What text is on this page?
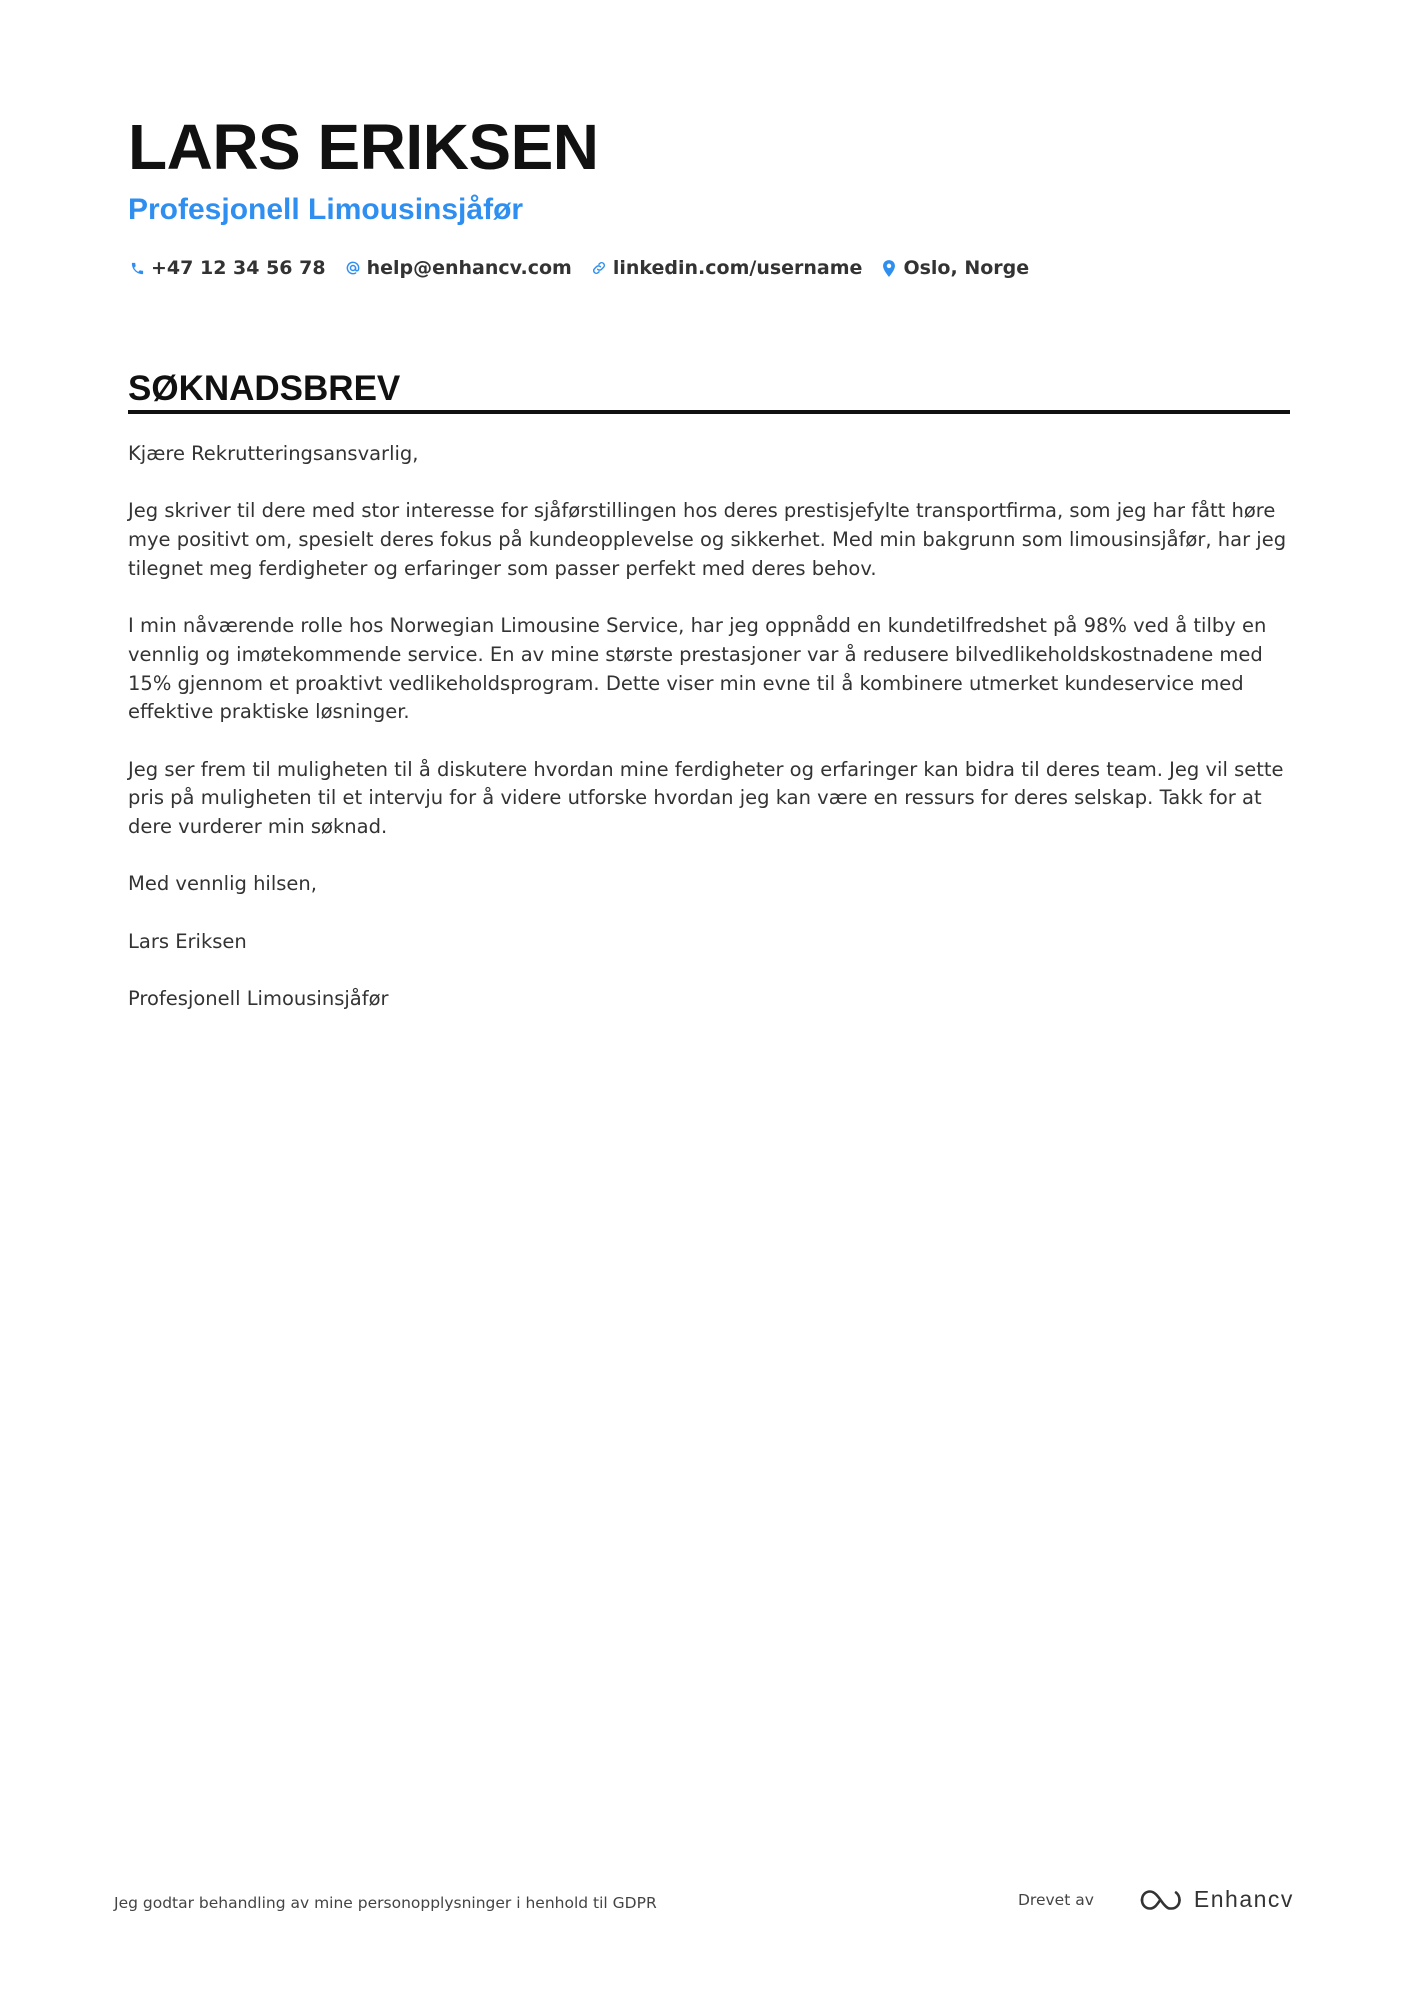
LARS ERIKSEN
Profesjonell Limousinsjåfør
+47 12 34 56 78 help@enhancv.com linkedin.com/username Oslo, Norge
SØKNADSBREV

Kjære Rekrutteringsansvarlig,

Jeg skriver til dere med stor interesse for sjåførstillingen hos deres prestisjefylte transportfirma, som jeg har fått høre mye positivt om, spesielt deres fokus på kundeopplevelse og sikkerhet. Med min bakgrunn som limousinsjåfør, har jeg tilegnet meg ferdigheter og erfaringer som passer perfekt med deres behov.

I min nåværende rolle hos Norwegian Limousine Service, har jeg oppnådd en kundetilfredshet på 98% ved å tilby en vennlig og imøtekommende service. En av mine største prestasjoner var å redusere bilvedlikeholdskostnadene med 15% gjennom et proaktivt vedlikeholdsprogram. Dette viser min evne til å kombinere utmerket kundeservice med effektive praktiske løsninger.

Jeg ser frem til muligheten til å diskutere hvordan mine ferdigheter og erfaringer kan bidra til deres team. Jeg vil sette pris på muligheten til et intervju for å videre utforske hvordan jeg kan være en ressurs for deres selskap. Takk for at dere vurderer min søknad.

Med vennlig hilsen,

Lars Eriksen

Profesjonell Limousinsjåfør

Jeg godtar behandling av mine personopplysninger i henhold til GDPR	Drevet av	Enhancv
